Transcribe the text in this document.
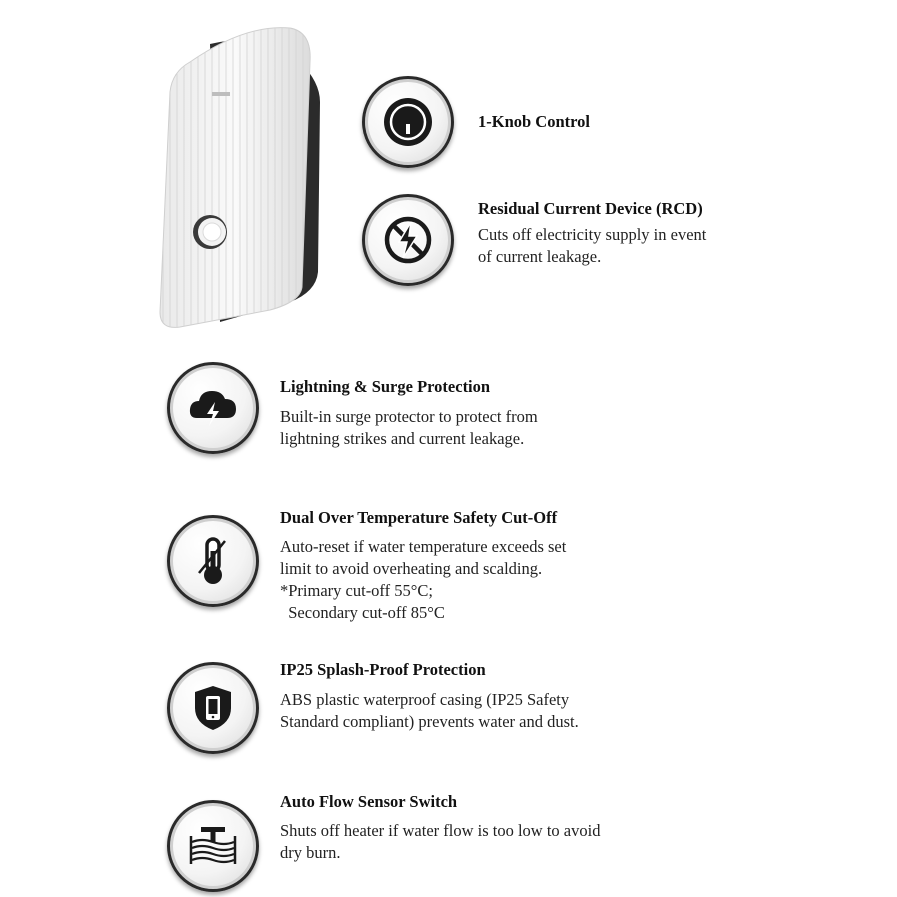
1-Knob Control
Residual Current Device (RCD)
Cuts off electricity supply in event
of current leakage.
Lightning & Surge Protection
Built-in surge protector to protect from
lightning strikes and current leakage.
Dual Over Temperature Safety Cut-Off
Auto-reset if water temperature exceeds set
limit to avoid overheating and scalding.
*Primary cut-off 55°C;
Secondary cut-off 85°C
IP25 Splash-Proof Protection
ABS plastic waterproof casing (IP25 Safety
Standard compliant) prevents water and dust.
Auto Flow Sensor Switch
Shuts off heater if water flow is too low to avoid
dry burn.
